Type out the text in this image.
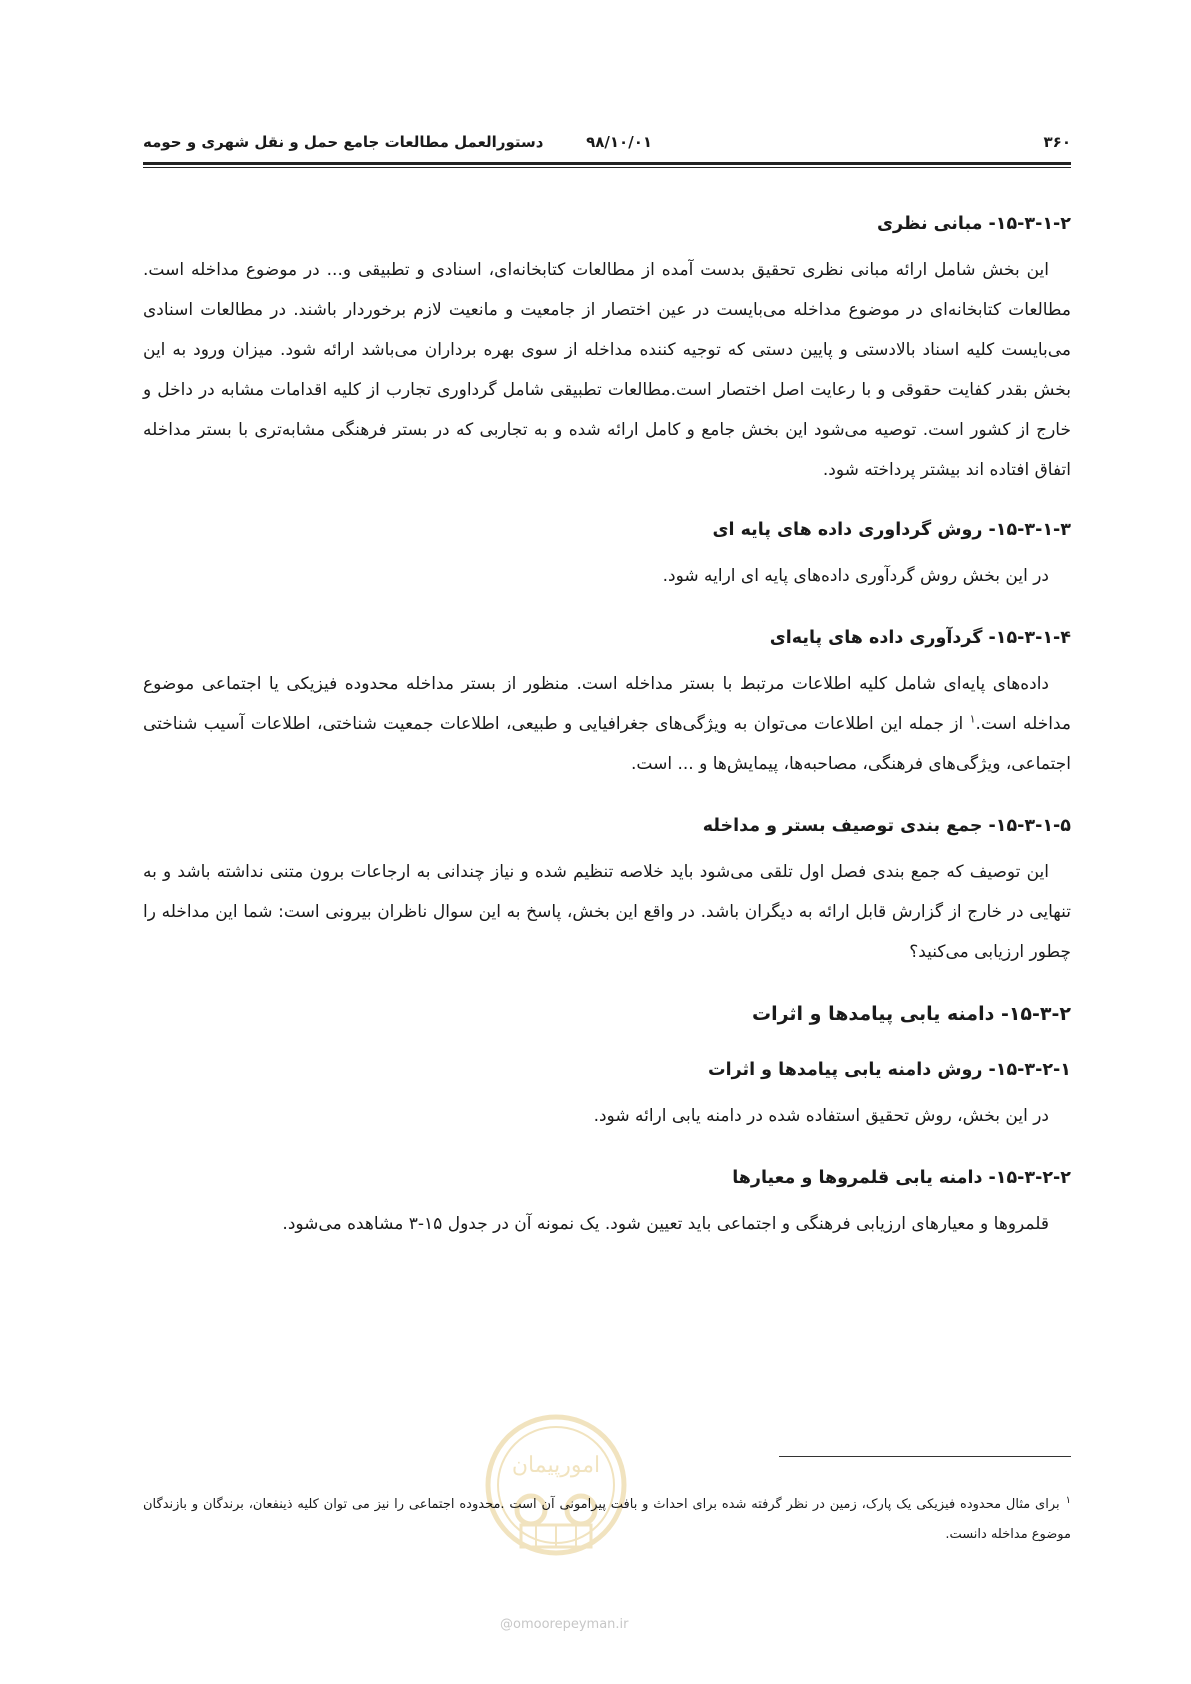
۳۶۰
۹۸/۱۰/۰۱
دستورالعمل مطالعات جامع حمل و نقل شهری و حومه
۱۵-۳-۱-۲- مبانی نظری

این بخش شامل ارائه مبانی نظری تحقیق بدست آمده از مطالعات کتابخانه‌ای، اسنادی و تطبیقی و... در موضوع مداخله است. مطالعات کتابخانه‌ای در موضوع مداخله می‌بایست در عین اختصار از جامعیت و مانعیت لازم برخوردار باشند. در مطالعات اسنادی می‌بایست کلیه اسناد بالادستی و پایین دستی که توجیه کننده مداخله از سوی بهره برداران می‌باشد ارائه شود. میزان ورود به این بخش بقدر کفایت حقوقی و با رعایت اصل اختصار است.مطالعات تطبیقی شامل گرداوری تجارب از کلیه اقدامات مشابه در داخل و خارج از کشور است. توصیه می‌شود این بخش جامع و کامل ارائه شده و به تجاربی که در بستر فرهنگی مشابه‌تری با بستر مداخله اتفاق افتاده اند بیشتر پرداخته شود.

۱۵-۳-۱-۳- روش گرداوری داده های پایه ای

در این بخش روش گردآوری داده‌های پایه ای ارایه شود.

۱۵-۳-۱-۴- گردآوری داده های پایه‌ای

داده‌های پایه‌ای شامل کلیه اطلاعات مرتبط با بستر مداخله است. منظور از بستر مداخله محدوده فیزیکی یا اجتماعی موضوع مداخله است.$^۱$ از جمله این اطلاعات می‌توان به ویژگی‌های جغرافیایی و طبیعی، اطلاعات جمعیت شناختی، اطلاعات آسیب شناختی اجتماعی، ویژگی‌های فرهنگی، مصاحبه‌ها، پیمایش‌ها و ... است.

۱۵-۳-۱-۵- جمع بندی توصیف بستر و مداخله

این توصیف که جمع بندی فصل اول تلقی می‌شود باید خلاصه تنظیم شده و نیاز چندانی به ارجاعات برون متنی نداشته باشد و به تنهایی در خارج از گزارش قابل ارائه به دیگران باشد. در واقع این بخش، پاسخ به این سوال ناظران بیرونی است: شما این مداخله را چطور ارزیابی می‌کنید؟

۱۵-۳-۲- دامنه یابی پیامدها و اثرات
۱۵-۳-۲-۱- روش دامنه یابی پیامدها و اثرات

در این بخش، روش تحقیق استفاده شده در دامنه یابی ارائه شود.

۱۵-۳-۲-۲- دامنه یابی قلمروها و معیارها

قلمروها و معیارهای ارزیابی فرهنگی و اجتماعی باید تعیین شود. یک نمونه آن در جدول ۱۵-۳ مشاهده می‌شود.

امورپیمان
@omoorepeyman.ir
$^۱$برای مثال محدوده فیزیکی یک پارک، زمین در نظر گرفته شده برای احداث و بافت پیرامونی آن است .محدوده اجتماعی را نیز می توان کلیه ذینفعان، برندگان و بازندگان موضوع مداخله دانست.
